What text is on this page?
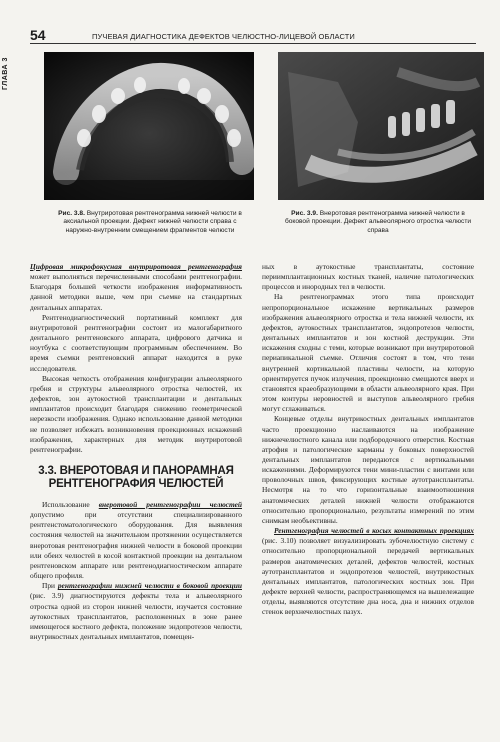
ГЛАВА 3
54	ПУЧЕВАЯ ДИАГНОСТИКА ДЕФЕКТОВ ЧЕЛЮСТНО-ЛИЦЕВОЙ ОБЛАСТИ
Рис. 3.8. Внутриротовая рентгенограмма нижней челюсти в аксиальной проекции. Дефект нижней челюсти справа с наружно-внутренним смещением фрагментов челюсти
Рис. 3.9. Внеротовая рентгенограмма нижней челюсти в боковой проекции. Дефект альвеолярного отростка челюсти справа

Цифровая микрофокусная внутриротовая рентгенография может выполняться перечисленными способами рентгенографии. Благодаря большей четкости изображения информативность данной методики выше, чем при съемке на стандартных дентальных аппаратах.

Рентгенодиагностический портативный комплект для внутриротовой рентгенографии состоит из малогабаритного дентального рентгеновского аппарата, цифрового датчика и ноутбука с соответствующим программным обеспечением. Во время съемки рентгеновский аппарат находится в руке исследователя.

Высокая четкость отображения конфигурации альвеолярного гребня и структуры альвеолярного отростка челюстей, их дефектов, зон аутокостной трансплантации и дентальных имплантатов происходит благодаря снижению геометрической нерезкости изображения. Однако использование данной методики не позволяет избежать возникновения проекционных искажений изображения, характерных для методик внутриротовой рентгенографии.

3.3. ВНЕРОТОВАЯ И ПАНОРАМНАЯ РЕНТГЕНОГРАФИЯ ЧЕЛЮСТЕЙ

Использование внеротовой рентгенографии челюстей допустимо при отсутствии специализированного рентгенстоматологического оборудования. Для выявления состояния челюстей на значительном протяжении осуществляется внеротовая рентгенография нижней челюсти в боковой проекции или обеих челюстей в косой контактной проекции на дентальном рентгеновском аппарате или рентгенодиагностическом аппарате общего профиля.

При рентгенографии нижней челюсти в боковой проекции (рис. 3.9) диагностируются дефекты тела и альвеолярного отростка одной из сторон нижней челюсти, изучается состояние аутокостных трансплантатов, расположенных в зоне ранее имеющегося костного дефекта, положение эндопротезов челюсти, внутрикостных дентальных имплантатов, помещен-

ных в аутокостные трансплантаты, состояние периимплантационных костных тканей, наличие патологических процессов и инородных тел в челюсти.

На рентгенограммах этого типа происходит непропорциональное искажение вертикальных размеров изображения альвеолярного отростка и тела нижней челюсти, их дефектов, аутокостных трансплантатов, эндопротезов челюсти, дентальных имплантатов и зон костной деструкции. Эти искажения сходны с теми, которые возникают при внутриротовой периапикальной съемке. Отличия состоят в том, что тени внутренней кортикальной пластины челюсти, на которую ориентируется пучок излучения, проекционно смещаются вверх и становятся краеобразующими в области альвеолярного края. При этом контуры неровностей и выступов альвеолярного гребня могут сглаживаться.

Концевые отделы внутрикостных дентальных имплантатов часто проекционно наслаиваются на изображение нижнечелюстного канала или подбородочного отверстия. Костная атрофия и патологические карманы у боковых поверхностей дентальных имплантатов передаются с вертикальными искажениями. Деформируются тени мини-пластин с винтами или проволочных швов, фиксирующих костные аутотрансплантаты. Несмотря на то что горизонтальные взаимоотношения анатомических деталей нижней челюсти отображаются относительно пропорционально, результаты измерений по этим снимкам необъективны.

Рентгенография челюстей в косых контактных проекциях (рис. 3.10) позволяет визуализировать зубочелюстную систему с относительно пропорциональной передачей вертикальных размеров анатомических деталей, дефектов челюстей, костных аутотрансплантатов и эндопротезов челюстей, внутрикостных дентальных имплантатов, патологических костных зон. При дефекте верхней челюсти, распространяющемся на вышележащие отделы, выявляются отсутствие дна носа, дна и нижних отделов стенок верхнечелюстных пазух.
